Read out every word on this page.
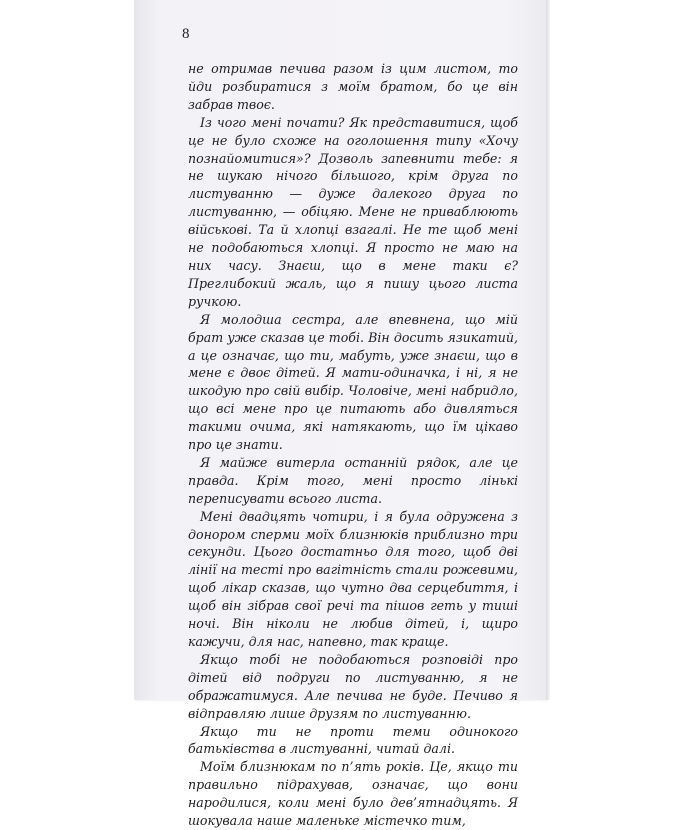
8

не отримав печива разом із цим листом, то йди розбиратися з моїм братом, бо це він забрав твоє.

Із чого мені почати? Як представитися, щоб це не було схоже на оголошення типу «Хочу познайомитися»? Дозволь запевнити тебе: я не шукаю нічого більшого, крім друга по листуванню — дуже далекого друга по листуванню, — обіцяю. Мене не приваблюють військові. Та й хлопці взагалі. Не те щоб мені не подобаються хлопці. Я просто не маю на них часу. Знаєш, що в мене таки є? Преглибокий жаль, що я пишу цього листа ручкою.

Я молодша сестра, але впевнена, що мій брат уже сказав це тобі. Він досить язикатий, а це означає, що ти, мабуть, уже знаєш, що в мене є двоє дітей. Я мати-одиначка, і ні, я не шкодую про свій вибір. Чоловіче, мені набридло, що всі мене про це питають або дивляться такими очима, які натякають, що їм цікаво про це знати.

Я майже витерла останній рядок, але це правда. Крім того, мені просто лінькі переписувати всього листа.

Мені двадцять чотири, і я була одружена з донором сперми моїх близнюків приблизно три секунди. Цього достатньо для того, щоб дві лінії на тесті про вагітність стали рожевими, щоб лікар сказав, що чутно два серцебиття, і щоб він зібрав свої речі та пішов геть у тиші ночі. Він ніколи не любив дітей, і, щиро кажучи, для нас, напевно, так краще.

Якщо тобі не подобаються розповіді про дітей від подруги по листуванню, я не ображатимуся. Але печива не буде. Печиво я відправляю лише друзям по листуванню.

Якщо ти не проти теми одинокого батьківства в листуванні, читай далі.

Моїм близнюкам по п’ять років. Це, якщо ти правильно підрахував, означає, що вони народилися, коли мені було дев’ятнадцять. Я шокувала наше маленьке містечко тим,
